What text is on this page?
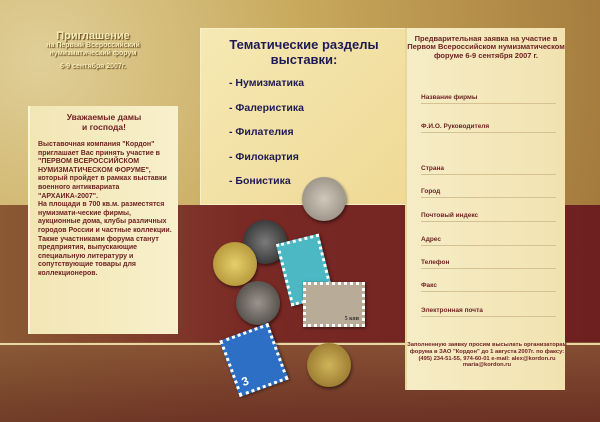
Приглашение
на Первый Всероссийский
нумизматический форум
6-9 сентября 2007г.
Уважаемые дамы
и господа!
Выставочная компания "Кордон" приглашает Вас принять участие в "ПЕРВОМ ВСЕРОССИЙСКОМ НУМИЗМАТИЧЕСКОМ ФОРУМЕ", который пройдет в рамках выставки военного антиквариата "АРХАИКА-2007".
На площади в 700 кв.м. разместятся нумизмати-ческие фирмы, аукционные дома, клубы различных городов России и частные коллекции.
Также участниками форума станут предприятия, выпускающие специальную литературу и сопутствующие товары для коллекционеров.
Тематические разделы выставки:
- Нумизматика
- Фалеристика
- Филателия
- Филокартия
- Бонистика
5 коп
3
Предварительная заявка на участие в Первом Всероссийском нумизматическом форуме 6-9 сентября 2007 г.
Название фирмы
Ф.И.О. Руководителя
Страна
Город
Почтовый индекс
Адрес
Телефон
Факс
Электронная почта
Заполненную заявку просим высылать организаторам форума в ЗАО "Кордон" до 1 августа 2007г. по факсу: (495) 234-51-55, 974-60-01 e-mail: alex@kordon.ru maria@kordon.ru
